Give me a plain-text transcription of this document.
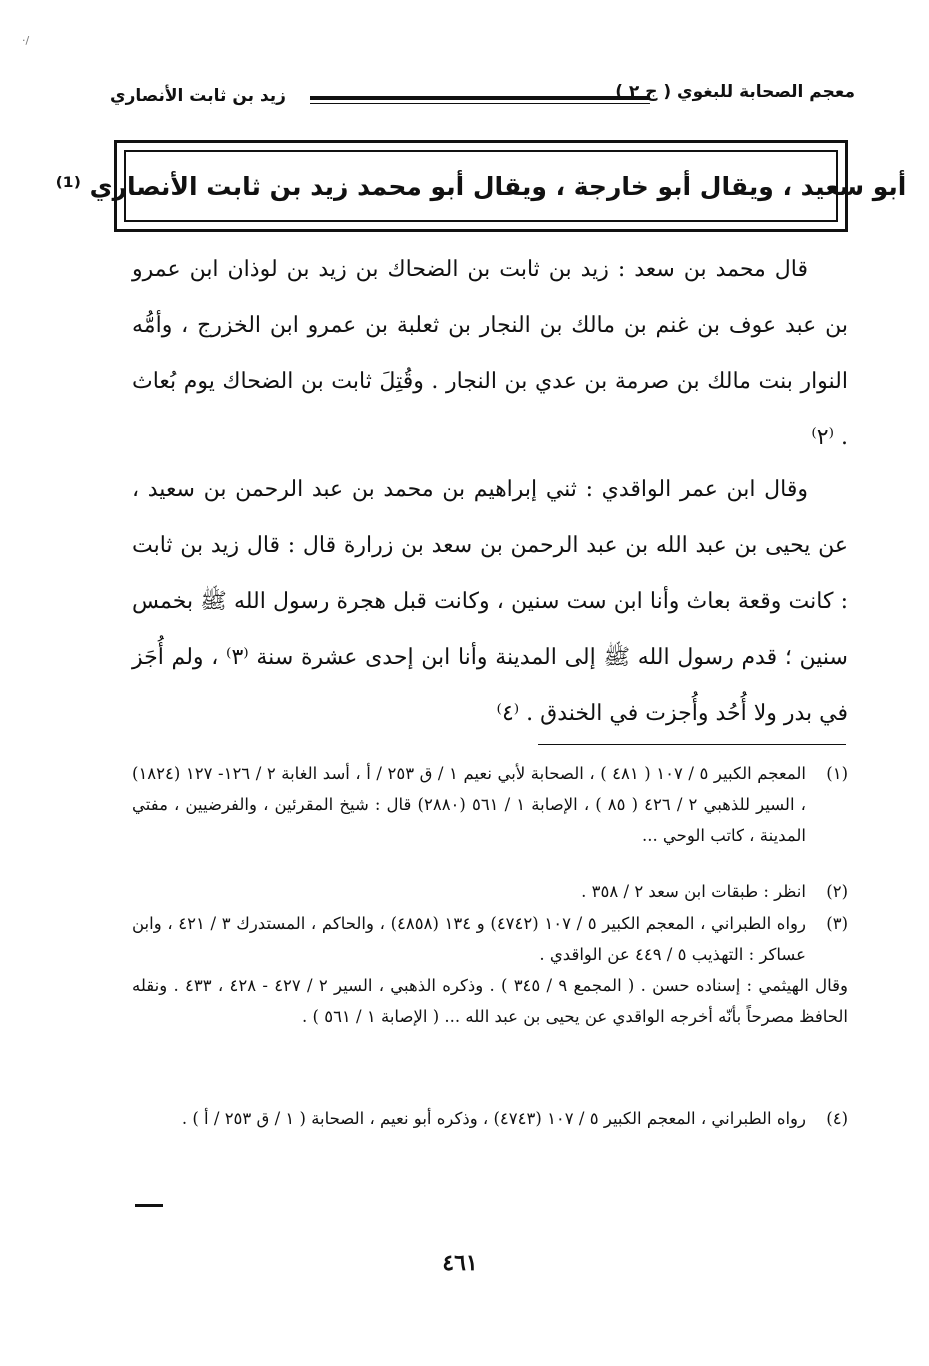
·/
زيد بن ثابت الأنصاري	معجم الصحابة للبغوي ( ج ٢ )
أبو سعيد ، ويقال أبو خارجة ، ويقال أبو محمد زيد بن ثابت الأنصاري ⁽¹⁾
قال محمد بن سعد : زيد بن ثابت بن الضحاك بن زيد بن لوذان ابن عمرو بن عبد عوف بن غنم بن مالك بن النجار بن ثعلبة بن عمرو ابن الخزرج ، وأمُّه النوار بنت مالك بن صرمة بن عدي بن النجار . وقُتِلَ ثابت بن الضحاك يوم بُعاث . ⁽٢⁾
وقال ابن عمر الواقدي : ثني إبراهيم بن محمد بن عبد الرحمن بن سعيد ، عن يحيى بن عبد الله بن عبد الرحمن بن سعد بن زرارة قال : قال زيد بن ثابت : كانت وقعة بعاث وأنا ابن ست سنين ، وكانت قبل هجرة رسول الله ﷺ بخمس سنين ؛ قدم رسول الله ﷺ إلى المدينة وأنا ابن إحدى عشرة سنة ⁽٣⁾ ، ولم أُجَز في بدر ولا أُحُد وأُجزت في الخندق . ⁽٤⁾
(١)
المعجم الكبير ٥ / ١٠٧ ( ٤٨١ ) ، الصحابة لأبي نعيم ١ / ق ٢٥٣ / أ ، أسد الغابة ٢ / ١٢٦- ١٢٧ (١٨٢٤) ، السير للذهبي ٢ / ٤٢٦ ( ٨٥ ) ، الإصابة ١ / ٥٦١ (٢٨٨٠) قال : شيخ المقرئين ، والفرضيين ، مفتي المدينة ، كاتب الوحي ...
(٢)
انظر : طبقات ابن سعد ٢ / ٣٥٨ .
(٣)
رواه الطبراني ، المعجم الكبير ٥ / ١٠٧ (٤٧٤٢) و ١٣٤ (٤٨٥٨) ، والحاكم ، المستدرك ٣ / ٤٢١ ، وابن عساكر : التهذيب ٥ / ٤٤٩ عن الواقدي .
وقال الهيثمي : إسناده حسن . ( المجمع ٩ / ٣٤٥ ) . وذكره الذهبي ، السير ٢ / ٤٢٧ - ٤٢٨ ، ٤٣٣ . ونقله الحافظ مصرحاً بأنّه أخرجه الواقدي عن يحيى بن عبد الله ... ( الإصابة ١ / ٥٦١ ) .
(٤)
رواه الطبراني ، المعجم الكبير ٥ / ١٠٧ (٤٧٤٣) ، وذكره أبو نعيم ، الصحابة ( ١ / ق ٢٥٣ / أ ) .
٤٦١
